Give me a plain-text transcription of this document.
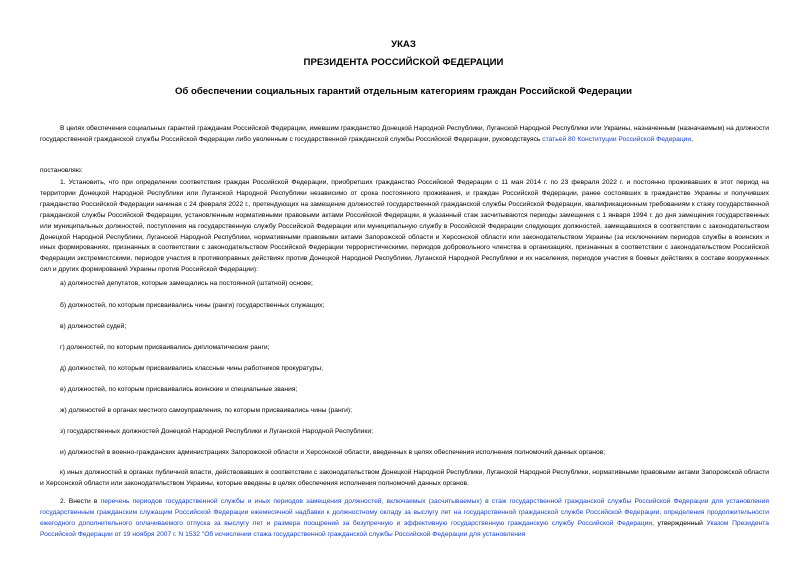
УКАЗ
ПРЕЗИДЕНТА РОССИЙСКОЙ ФЕДЕРАЦИИ
Об обеспечении социальных гарантий отдельным категориям граждан Российской Федерации
В целях обеспечения социальных гарантий гражданам Российской Федерации, имевшим гражданство Донецкой Народной Республики, Луганской Народной Республики или Украины, назначенным (назначаемым) на должности государственной гражданской службы Российской Федерации либо уволенным с государственной гражданской службы Российской Федерации, руководствуясь статьей 80 Конституции Российской Федерации,
постановляю:
1. Установить, что при определении соответствия граждан Российской Федерации, приобретших гражданство Российской Федерации с 11 мая 2014 г. по 23 февраля 2022 г. и постоянно проживавших в этот период на территории Донецкой Народной Республики или Луганской Народной Республики независимо от срока постоянного проживания, и граждан Российской Федерации, ранее состоявших в гражданстве Украины и получивших гражданство Российской Федерации начиная с 24 февраля 2022 г., претендующих на замещение должностей государственной гражданской службы Российской Федерации, квалификационным требованиям к стажу государственной гражданской службы Российской Федерации, установленным нормативными правовыми актами Российской Федерации, в указанный стаж засчитываются периоды замещения с 1 января 1994 г. до дня замещения государственных или муниципальных должностей, поступления на государственную службу Российской Федерации или муниципальную службу в Российской Федерации следующих должностей, замещавшихся в соответствии с законодательством Донецкой Народной Республики, Луганской Народной Республики, нормативными правовыми актами Запорожской области и Херсонской области или законодательством Украины (за исключением периодов службы в воинских и иных формированиях, признанных в соответствии с законодательством Российской Федерации террористическими, периодов добровольного членства в организациях, признанных в соответствии с законодательством Российской Федерации экстремистскими, периодов участия в противоправных действиях против Донецкой Народной Республики, Луганской Народной Республики и их населения, периодов участия в боевых действиях в составе вооруженных сил и других формирований Украины против Российской Федерации):
а) должностей депутатов, которые замещались на постоянной (штатной) основе;
б) должностей, по которым присваивались чины (ранги) государственных служащих;
в) должностей судей;
г) должностей, по которым присваивались дипломатические ранги;
д) должностей, по которым присваивались классные чины работников прокуратуры;
е) должностей, по которым присваивались воинские и специальные звания;
ж) должностей в органах местного самоуправления, по которым присваивались чины (ранги);
з) государственных должностей Донецкой Народной Республики и Луганской Народной Республики;
и) должностей в военно-гражданских администрациях Запорожской области и Херсонской области, введенных в целях обеспечения исполнения полномочий данных органов;
к) иных должностей в органах публичной власти, действовавших в соответствии с законодательством Донецкой Народной Республики, Луганской Народной Республики, нормативными правовыми актами Запорожской области и Херсонской области или законодательством Украины, которые введены в целях обеспечения исполнения полномочий данных органов.
2. Внести в перечень периодов государственной службы и иных периодов замещения должностей, включаемых (засчитываемых) в стаж государственной гражданской службы Российской Федерации для установления государственным гражданским служащим Российской Федерации ежемесячной надбавки к должностному окладу за выслугу лет на государственной гражданской службе Российской Федерации, определения продолжительности ежегодного дополнительного оплачиваемого отпуска за выслугу лет и размера поощрений за безупречную и эффективную государственную гражданскую службу Российской Федерации, утвержденный Указом Президента Российской Федерации от 19 ноября 2007 г. N 1532 "Об исчислении стажа государственной гражданской службы Российской Федерации для установления
